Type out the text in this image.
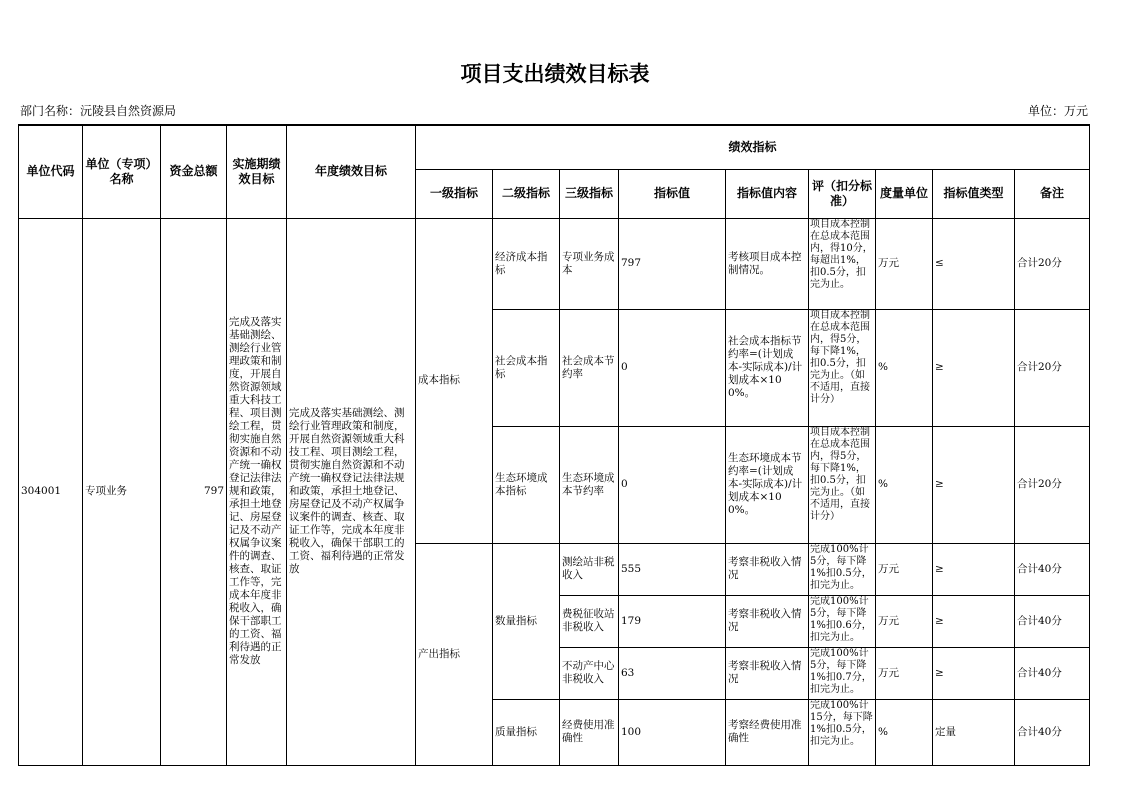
项目支出绩效目标表
部门名称：沅陵县自然资源局	单位：万元
单位代码	单位（专项）名称	资金总额	实施期绩效目标	年度绩效目标	绩效指标								
					一级指标	二级指标	三级指标	指标值	指标值内容	评（扣分标准）	度量单位	指标值类型	备注
304001	专项业务	797	完成及落实基础测绘、测绘行业管理政策和制度，开展自然资源领域重大科技工程、项目测绘工程，贯彻实施自然资源和不动产统一确权登记法律法规和政策，承担土地登记、房屋登记及不动产权属争议案件的调查、核查、取证工作等，完成本年度非税收入，确保干部职工的工资、福利待遇的正常发放	完成及落实基础测绘、测绘行业管理政策和制度，开展自然资源领域重大科技工程、项目测绘工程，贯彻实施自然资源和不动产统一确权登记法律法规和政策，承担土地登记、房屋登记及不动产权属争议案件的调查、核查、取证工作等，完成本年度非税收入，确保干部职工的工资、福利待遇的正常发放	成本指标	经济成本指标	专项业务成本	797	考核项目成本控制情况。	项目成本控制在总成本范围内，得10分，每超出1%，扣0.5分，扣完为止。	万元	≤	合计20分
						社会成本指标	社会成本节约率	0	社会成本指标节约率=(计划成本-实际成本)/计划成本×100%。	项目成本控制在总成本范围内，得5分，每下降1%，扣0.5分，扣完为止。（如不适用，直接计分）	%	≥	合计20分
						生态环境成本指标	生态环境成本节约率	0	生态环境成本节约率=(计划成本-实际成本)/计划成本×100%。	项目成本控制在总成本范围内，得5分，每下降1%，扣0.5分，扣完为止。（如不适用，直接计分）	%	≥	合计20分
					产出指标	数量指标	测绘站非税收入	555	考察非税收入情况	完成100%计5分，每下降1%扣0.5分，扣完为止。	万元	≥	合计40分
							费税征收站非税收入	179	考察非税收入情况	完成100%计5分，每下降1%扣0.6分，扣完为止。	万元	≥	合计40分
							不动产中心非税收入	63	考察非税收入情况	完成100%计5分，每下降1%扣0.7分，扣完为止。	万元	≥	合计40分
						质量指标	经费使用准确性	100	考察经费使用准确性	完成100%计15分，每下降1%扣0.5分，扣完为止。	%	定量	合计40分
